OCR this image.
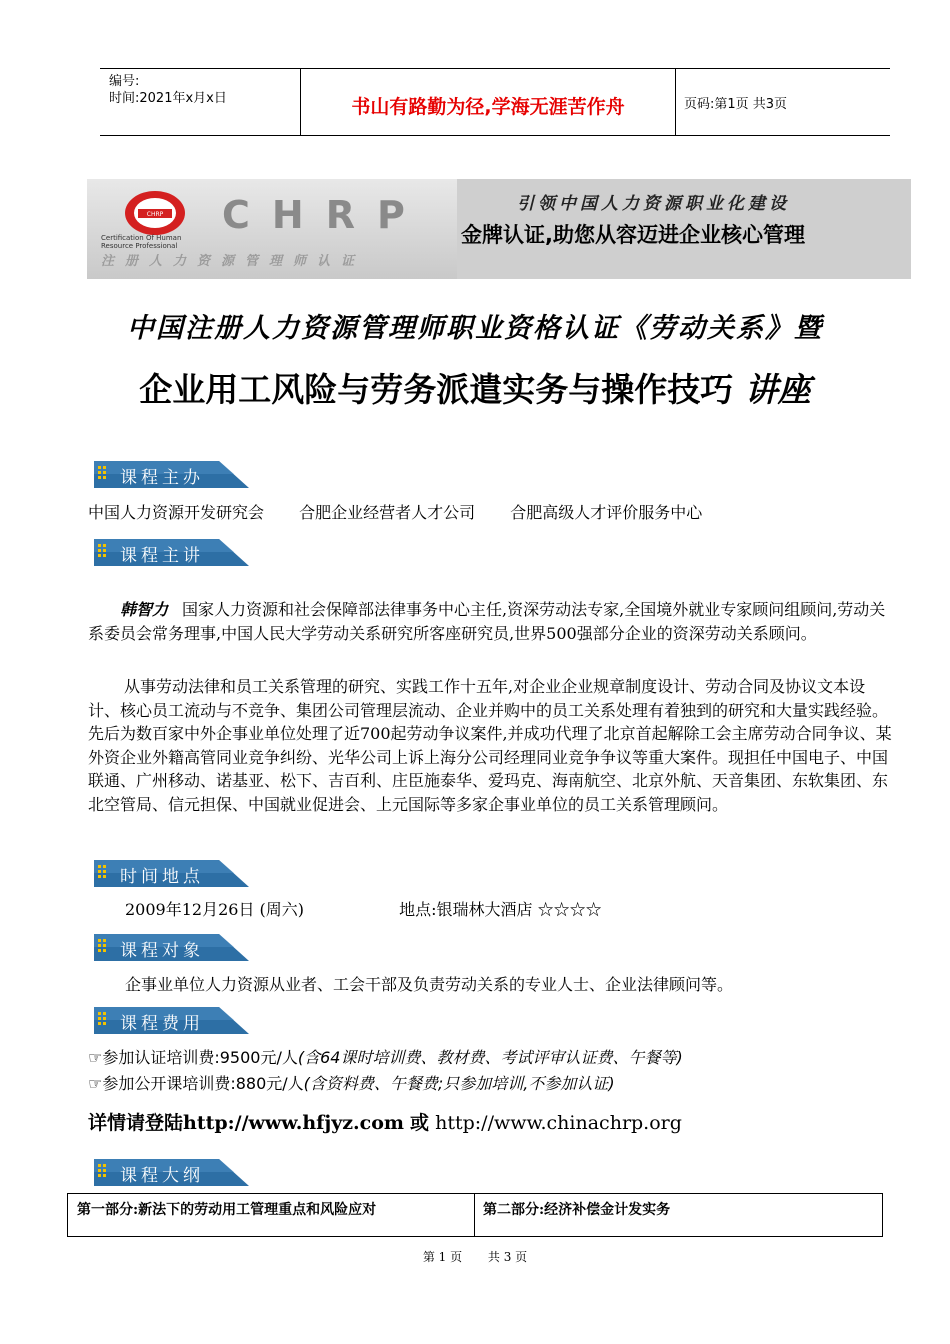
编号:
时间:2021年x月x日	书山有路勤为径,学海无涯苦作舟	页码:第1页 共3页
CHRP
Certification Of Human
Resource Professional
CHRP
注册人力资源管理师认证
引领中国人力资源职业化建设
金牌认证,助您从容迈进企业核心管理
中国注册人力资源管理师职业资格认证《劳动关系》暨
企业用工风险与劳务派遣实务与操作技巧 讲座
课程主办
中国人力资源开发研究会 合肥企业经营者人才公司 合肥高级人才评价服务中心
课程主讲
韩智力 国家人力资源和社会保障部法律事务中心主任,资深劳动法专家,全国境外就业专家顾问组顾问,劳动关系委员会常务理事,中国人民大学劳动关系研究所客座研究员,世界500强部分企业的资深劳动关系顾问。
从事劳动法律和员工关系管理的研究、实践工作十五年,对企业企业规章制度设计、劳动合同及协议文本设计、核心员工流动与不竞争、集团公司管理层流动、企业并购中的员工关系处理有着独到的研究和大量实践经验。先后为数百家中外企事业单位处理了近700起劳动争议案件,并成功代理了北京首起解除工会主席劳动合同争议、某外资企业外籍高管同业竞争纠纷、光华公司上诉上海分公司经理同业竞争争议等重大案件。现担任中国电子、中国联通、广州移动、诺基亚、松下、吉百利、庄臣施泰华、爱玛克、海南航空、北京外航、天音集团、东软集团、东北空管局、信元担保、中国就业促进会、上元国际等多家企事业单位的员工关系管理顾问。
时间地点
2009年12月26日 (周六)	地点:银瑞林大酒店 ☆☆☆☆
课程对象
企事业单位人力资源从业者、工会干部及负责劳动关系的专业人士、企业法律顾问等。
课程费用
☞参加认证培训费:9500元/人(含64课时培训费、教材费、考试评审认证费、午餐等)
☞参加公开课培训费:880元/人(含资料费、午餐费;只参加培训,不参加认证)
详情请登陆http://www.hfjyz.com 或 http://www.chinachrp.org
课程大纲
第一部分:新法下的劳动用工管理重点和风险应对	第二部分:经济补偿金计发实务
第 1 页 共 3 页
